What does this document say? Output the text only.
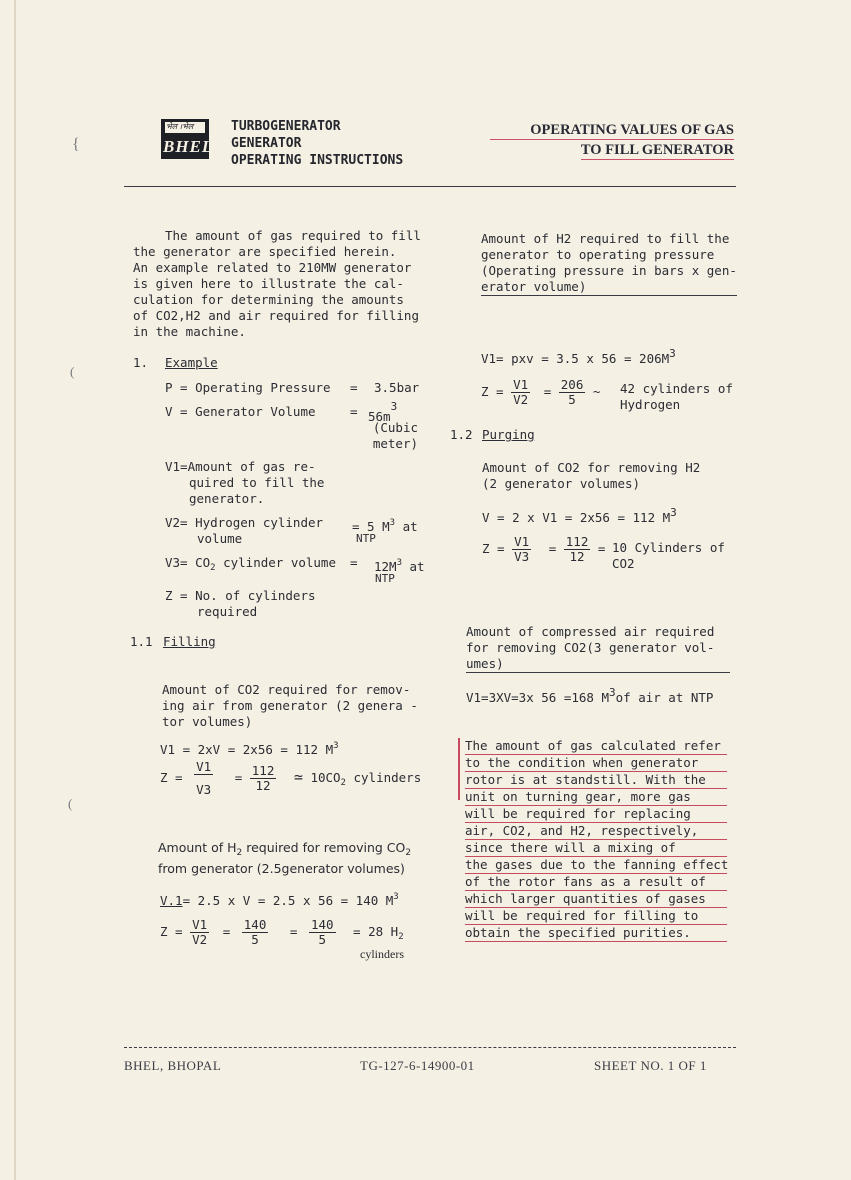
{
(
(
भेल ।भेल
BHEL
TURBOGENERATOR
GENERATOR
OPERATING INSTRUCTIONS
OPERATING VALUES OF GAS
TO FILL GENERATOR
The amount of gas required to fill
the generator are specified herein.
An example related to 210MW generator
is given here to illustrate the cal-
culation for determining the amounts
of CO2,H2 and air required for filling
in the machine.
1. Example
P = Operating Pressure = 3.5bar
V = Generator Volume	= 56m3
(Cubic
meter)
V1=Amount of gas re-
quired to fill the
generator.
V2= Hydrogen cylinder
volume
= 5 $M^3$ at
NTP
$V3= CO_2$ cylinder volume = $12M^3$ at
NTP
Z = No. of cylinders
required
1.1 Filling
Amount of CO2 required for remov-
ing air from generator (2 genera -
tor volumes)
V1 = 2xV = 2x56 = 112 $M^3$
$Z = \frac{V1}{V3} = \frac{112}{12}$ ≃ $10CO_2$ cylinders
Amount of $H_2$ required for removing $CO_2$
from generator (2.5generator volumes)
V.1= 2.5 x V = 2.5 x 56 = 140 $M^3$
$Z = \frac{V1}{V2} = \frac{140}{5} = \frac{140}{5} = 28$ $H_2$
cylinders
Amount of H2 required to fill the
generator to operating pressure
(Operating pressure in bars x gen-
erator volume)
V1= pxv = 3.5 x 56 = 206M3
$Z = \frac{V1}{V2} = \frac{206}{5}$ ~ 42 cylinders of
Hydrogen
1.2 Purging
Amount of CO2 for removing H2
(2 generator volumes)
V = 2 x V1 = 2x56 = 112 M3
$Z = \frac{V1}{V3} = \frac{112}{12} = 10$ Cylinders of
CO2
Amount of compressed air required
for removing CO2(3 generator vol-
umes)
V1=3XV=3x 56 =168 M3of air at NTP
The amount of gas calculated refer
to the condition when generator
rotor is at standstill. With the
unit on turning gear, more gas
will be required for replacing
air, CO2, and H2, respectively,
since there will a mixing of
the gases due to the fanning effect
of the rotor fans as a result of
which larger quantities of gases
will be required for filling to
obtain the specified purities.
BHEL, BHOPAL	TG-127-6-14900-01	SHEET NO. 1 OF 1
